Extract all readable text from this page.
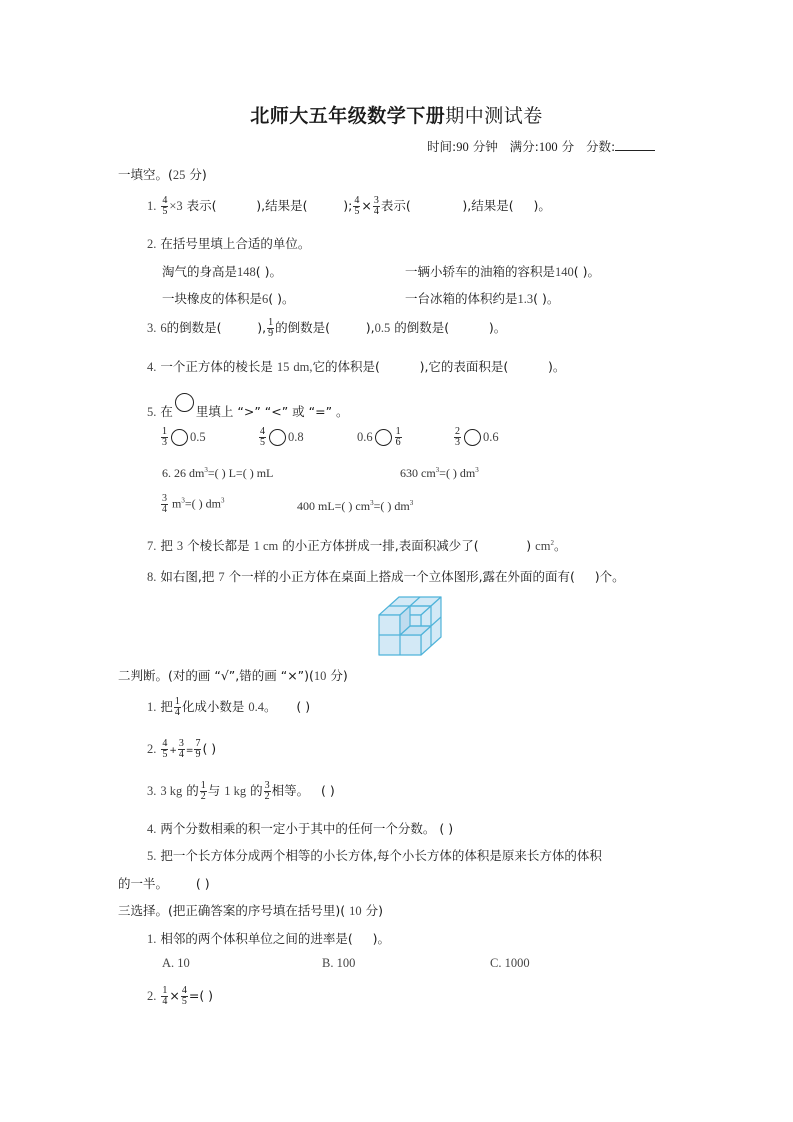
北师大五年级数学下册期中测试卷
时间:90 分钟 满分:100 分 分数:
一填空。(25 分)
1. $\frac{4}{5} \times 3$ 表示(	),结果是(	); $\frac{4}{5} \times \frac{3}{4}$ 表示(	),结果是( )。
2. 在括号里填上合适的单位。
淘气的身高是148( )。	一辆小轿车的油箱的容积是140( )。
一块橡皮的体积是6( )。	一台冰箱的体积约是1.3( )。
3. 6的倒数是(	), $\frac{1}{9}$ 的倒数是(	),0.5 的倒数是(	)。
4. 一个正方体的棱长是 15 dm,它的体积是(	),它的表面积是(	)。
5. 在 里填上 “>” “<” 或 “=” 。
$\frac{1}{3} 0.5$	$\frac{4}{5} 0.8$	$0.6 \frac{1}{6}$	$\frac{2}{3} 0.6$
6. 26 $dm^3=$( ) L=( ) mL	630 $cm^3=$( ) $dm^3$
$\frac{3}{4} m^3=$( ) $dm^3$	400 mL=( ) $cm^3=$( ) $dm^3$
7. 把 3 个棱长都是 1 cm 的小正方体拼成一排,表面积减少了(	) $cm^2$。
8. 如右图,把 7 个一样的小正方体在桌面上搭成一个立体图形,露在外面的面有( )个。
二判断。(对的画 “√”,错的画 “×”)(10 分)
1. 把 $\frac{1}{4}$ 化成小数是 0.4。 ( )
2. $\frac{4}{5} + \frac{3}{4} = \frac{7}{9}$ ( )
3. 3 kg 的 $\frac{1}{2}$ 与 1 kg 的 $\frac{3}{2}$ 相等。 ( )
4. 两个分数相乘的积一定小于其中的任何一个分数。 ( )
5. 把一个长方体分成两个相等的小长方体,每个小长方体的体积是原来长方体的体积
的一半。 ( )
三选择。(把正确答案的序号填在括号里)( 10 分)
1. 相邻的两个体积单位之间的进率是( )。
A. 10	B. 100	C. 1000
2. $\frac{1}{4} \times \frac{4}{5}$ =( )
